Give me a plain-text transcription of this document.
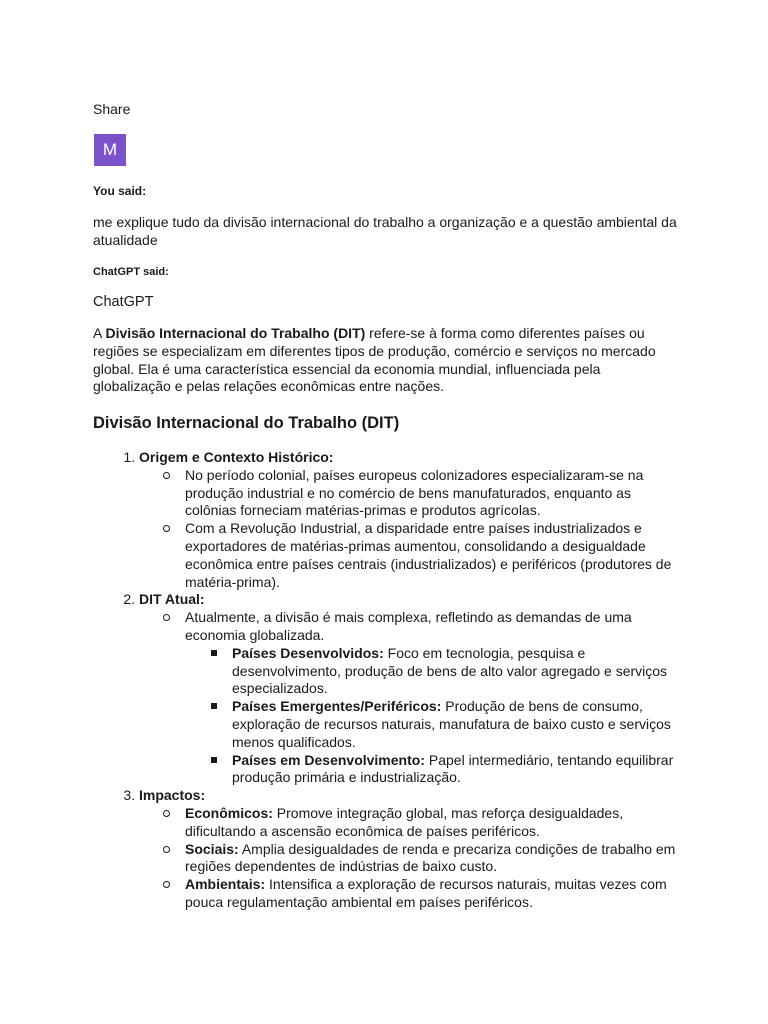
Share
M
You said:
me explique tudo da divisão internacional do trabalho a organização e a questão ambiental da atualidade
ChatGPT said:
ChatGPT
A Divisão Internacional do Trabalho (DIT) refere-se à forma como diferentes países ou regiões se especializam em diferentes tipos de produção, comércio e serviços no mercado global. Ela é uma característica essencial da economia mundial, influenciada pela globalização e pelas relações econômicas entre nações.
Divisão Internacional do Trabalho (DIT)
1. Origem e Contexto Histórico:
No período colonial, países europeus colonizadores especializaram-se na produção industrial e no comércio de bens manufaturados, enquanto as colônias forneciam matérias-primas e produtos agrícolas.
Com a Revolução Industrial, a disparidade entre países industrializados e exportadores de matérias-primas aumentou, consolidando a desigualdade econômica entre países centrais (industrializados) e periféricos (produtores de matéria-prima).
2. DIT Atual:
Atualmente, a divisão é mais complexa, refletindo as demandas de uma economia globalizada.
Países Desenvolvidos: Foco em tecnologia, pesquisa e desenvolvimento, produção de bens de alto valor agregado e serviços especializados.
Países Emergentes/Periféricos: Produção de bens de consumo, exploração de recursos naturais, manufatura de baixo custo e serviços menos qualificados.
Países em Desenvolvimento: Papel intermediário, tentando equilibrar produção primária e industrialização.
3. Impactos:
Econômicos: Promove integração global, mas reforça desigualdades, dificultando a ascensão econômica de países periféricos.
Sociais: Amplia desigualdades de renda e precariza condições de trabalho em regiões dependentes de indústrias de baixo custo.
Ambientais: Intensifica a exploração de recursos naturais, muitas vezes com pouca regulamentação ambiental em países periféricos.
